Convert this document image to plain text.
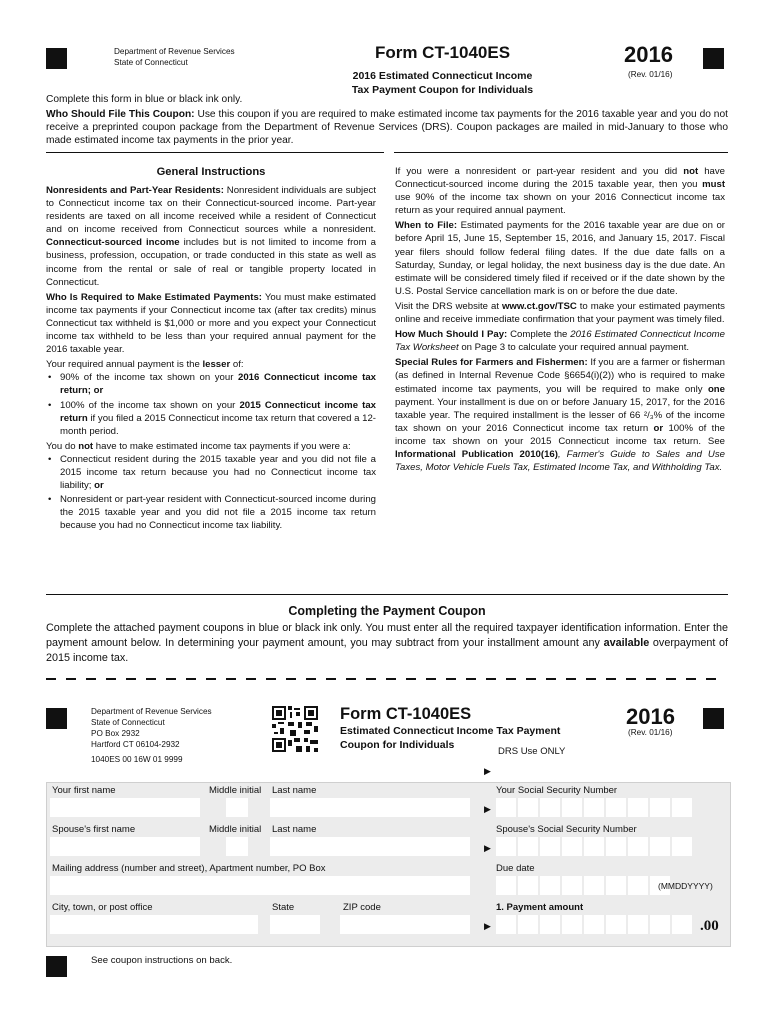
Department of Revenue Services
State of Connecticut
Form CT-1040ES
2016 Estimated Connecticut Income
Tax Payment Coupon for Individuals
2016
(Rev. 01/16)
Complete this form in blue or black ink only.
Who Should File This Coupon: Use this coupon if you are required to make estimated income tax payments for the 2016 taxable year and you do not receive a preprinted coupon package from the Department of Revenue Services (DRS). Coupon packages are mailed in mid-January to those who made estimated income tax payments in the prior year.

General Instructions

Nonresidents and Part-Year Residents: Nonresident individuals are subject to Connecticut income tax on their Connecticut-sourced income. Part-year residents are taxed on all income received while a resident of Connecticut and on income received from Connecticut sources while a nonresident. Connecticut-sourced income includes but is not limited to income from a business, profession, occupation, or trade conducted in this state as well as income from the rental or sale of real or tangible property located in Connecticut.

Who Is Required to Make Estimated Payments: You must make estimated income tax payments if your Connecticut income tax (after tax credits) minus Connecticut tax withheld is $1,000 or more and you expect your Connecticut income tax withheld to be less than your required annual payment for the 2016 taxable year.

Your required annual payment is the lesser of:

• 90% of the income tax shown on your 2016 Connecticut income tax return; or
• 100% of the income tax shown on your 2015 Connecticut income tax return if you filed a 2015 Connecticut income tax return that covered a 12-month period.

You do not have to make estimated income tax payments if you were a:

• Connecticut resident during the 2015 taxable year and you did not file a 2015 income tax return because you had no Connecticut income tax liability; or
• Nonresident or part-year resident with Connecticut-sourced income during the 2015 taxable year and you did not file a 2015 income tax return because you had no Connecticut income tax liability.

If you were a nonresident or part-year resident and you did not have Connecticut-sourced income during the 2015 taxable year, then you must use 90% of the income tax shown on your 2016 Connecticut income tax return as your required annual payment.

When to File: Estimated payments for the 2016 taxable year are due on or before April 15, June 15, September 15, 2016, and January 15, 2017. Fiscal year filers should follow federal filing dates. If the due date falls on a Saturday, Sunday, or legal holiday, the next business day is the due date. An estimate will be considered timely filed if received or if the date shown by the U.S. Postal Service cancellation mark is on or before the due date.

Visit the DRS website at www.ct.gov/TSC to make your estimated payments online and receive immediate confirmation that your payment was timely filed.

How Much Should I Pay: Complete the 2016 Estimated Connecticut Income Tax Worksheet on Page 3 to calculate your required annual payment.

Special Rules for Farmers and Fishermen: If you are a farmer or fisherman (as defined in Internal Revenue Code §6654(i)(2)) who is required to make estimated income tax payments, you will be required to make only one payment. Your installment is due on or before January 15, 2017, for the 2016 taxable year. The required installment is the lesser of 66 ²/₃% of the income tax shown on your 2016 Connecticut income tax return or 100% of the income tax shown on your 2015 Connecticut income tax return. See Informational Publication 2010(16), Farmer's Guide to Sales and Use Taxes, Motor Vehicle Fuels Tax, Estimated Income Tax, and Withholding Tax.

Completing the Payment Coupon
Complete the attached payment coupons in blue or black ink only. You must enter all the required taxpayer identification information. Enter the payment amount below. In determining your payment amount, you may subtract from your installment amount any available overpayment of 2015 income tax.
Department of Revenue Services
State of Connecticut
PO Box 2932
Hartford CT 06104-2932
1040ES 00 16W 01 9999
Form CT-1040ES
Estimated Connecticut Income Tax Payment
Coupon for Individuals
2016
(Rev. 01/16)
DRS Use ONLY
▶
Your first name	Middle initial Last name	Your Social Security Number
▶
Spouse's first name	Middle initial Last name	Spouse's Social Security Number
▶
Mailing address (number and street), Apartment number, PO Box	Due date
(MMDDYYYY)
City, town, or post office	State	ZIP code	1. Payment amount
▶	.00
See coupon instructions on back.
